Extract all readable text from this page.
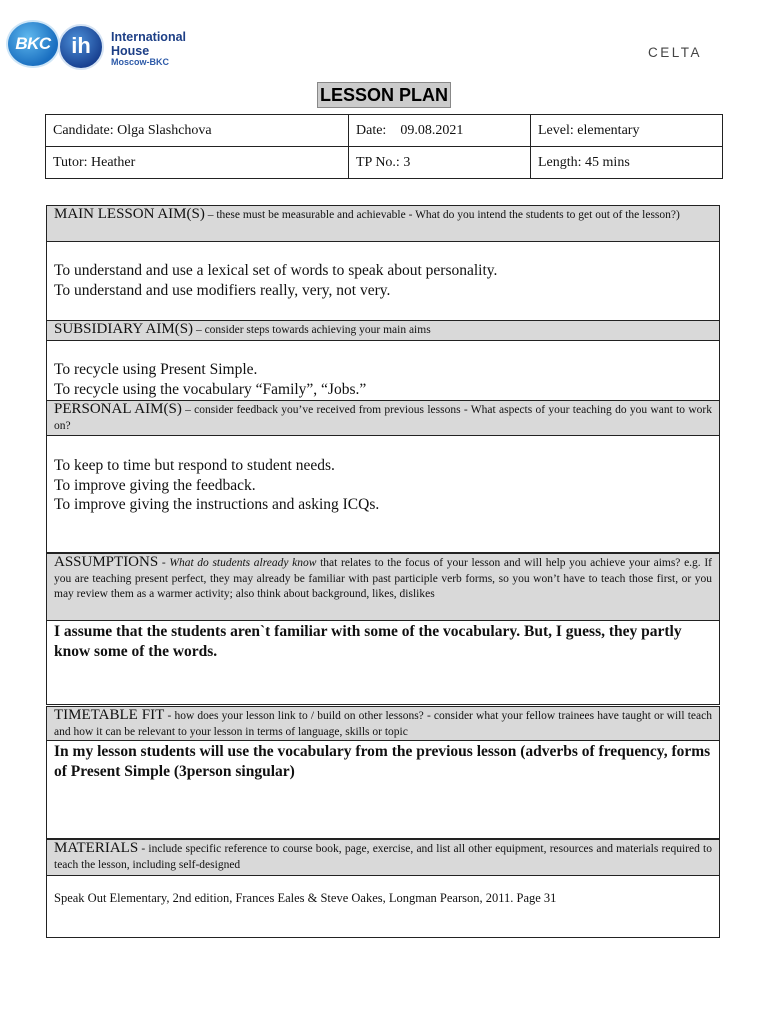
BKC ih	International
House
Moscow-BKC
CELTA
LESSON PLAN
Candidate: Olga Slashchova	Date:    09.08.2021	Level: elementary
Tutor: Heather	TP No.: 3	Length: 45 mins
MAIN LESSON AIM(S) – these must be measurable and achievable - What do you intend the students to get out of the lesson?)
To understand and use a lexical set of words to speak about personality.
To understand and use modifiers really, very, not very.
SUBSIDIARY AIM(S) – consider steps towards achieving your main aims
To recycle using Present Simple.
To recycle using the vocabulary “Family”, “Jobs.”
PERSONAL AIM(S) – consider feedback you’ve received from previous lessons - What aspects of your teaching do you want to work on?
To keep to time but respond to student needs.
To improve giving the feedback.
To improve giving the instructions and asking ICQs.
ASSUMPTIONS - What do students already know that relates to the focus of your lesson and will help you achieve your aims? e.g. If you are teaching present perfect, they may already be familiar with past participle verb forms, so you won’t have to teach those first, or you may review them as a warmer activity; also think about background, likes, dislikes
I assume that the students aren`t familiar with some of the vocabulary. But, I guess, they partly know some of the words.
TIMETABLE FIT - how does your lesson link to / build on other lessons? - consider what your fellow trainees have taught or will teach and how it can be relevant to your lesson in terms of language, skills or topic
In my lesson students will use the vocabulary from the previous lesson (adverbs of frequency, forms of Present Simple (3person singular)
MATERIALS - include specific reference to course book, page, exercise, and list all other equipment, resources and materials required to teach the lesson, including self-designed
Speak Out Elementary, 2nd edition, Frances Eales & Steve Oakes, Longman Pearson, 2011. Page 31
